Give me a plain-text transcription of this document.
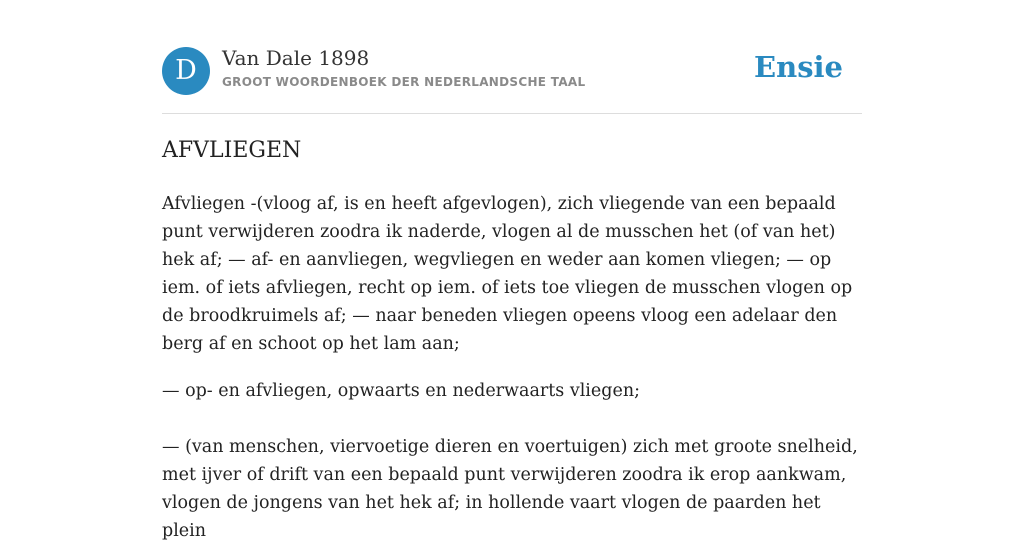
D	Van Dale 1898
GROOT WOORDENBOEK DER NEDERLANDSCHE TAAL	Ensie
AFVLIEGEN

Afvliegen -(vloog af, is en heeft afgevlogen), zich vliegende van een bepaald punt verwijderen zoodra ik naderde, vlogen al de musschen het (of van het) hek af; — af- en aanvliegen, wegvliegen en weder aan komen vliegen; — op iem. of iets afvliegen, recht op iem. of iets toe vliegen de musschen vlogen op de broodkruimels af; — naar beneden vliegen opeens vloog een adelaar den berg af en schoot op het lam aan;

— op- en afvliegen, opwaarts en nederwaarts vliegen;

— (van menschen, viervoetige dieren en voertuigen) zich met groote snelheid, met ijver of drift van een bepaald punt verwijderen zoodra ik erop aankwam, vlogen de jongens van het hek af; in hollende vaart vlogen de paarden het plein
